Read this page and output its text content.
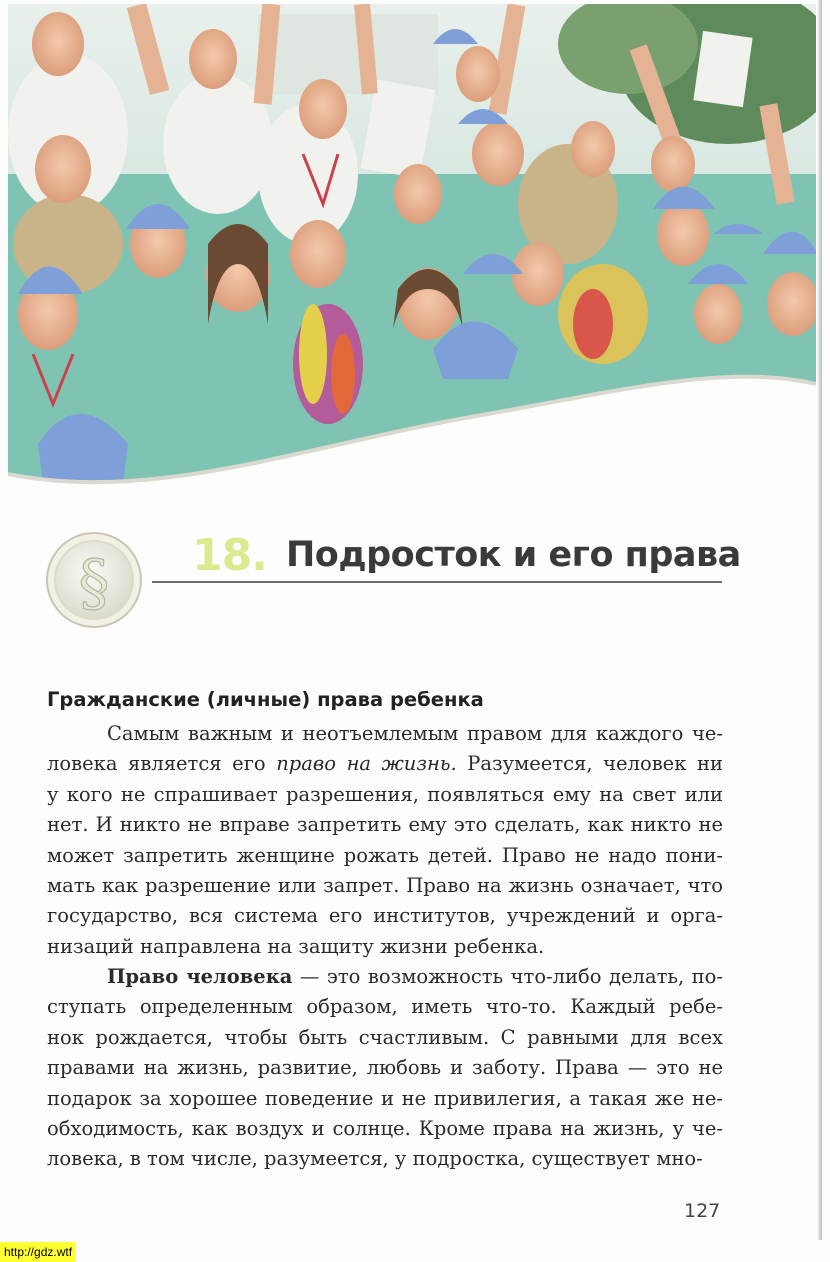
§ 18. Подросток и его права
Гражданские (личные) права ребенка
Самым важным и неотъемлемым правом для каждого че-
ловека является его право на жизнь. Разумеется, человек ни
у кого не спрашивает разрешения, появляться ему на свет или
нет. И никто не вправе запретить ему это сделать, как никто не
может запретить женщине рожать детей. Право не надо пони-
мать как разрешение или запрет. Право на жизнь означает, что
государство, вся система его институтов, учреждений и орга-
низаций направлена на защиту жизни ребенка.
Право человека — это возможность что-либо делать, по-
ступать определенным образом, иметь что-то. Каждый ребе-
нок рождается, чтобы быть счастливым. С равными для всех
правами на жизнь, развитие, любовь и заботу. Права — это не
подарок за хорошее поведение и не привилегия, а такая же не-
обходимость, как воздух и солнце. Кроме права на жизнь, у че-
ловека, в том числе, разумеется, у подростка, существует мно-
127
http://gdz.wtf
